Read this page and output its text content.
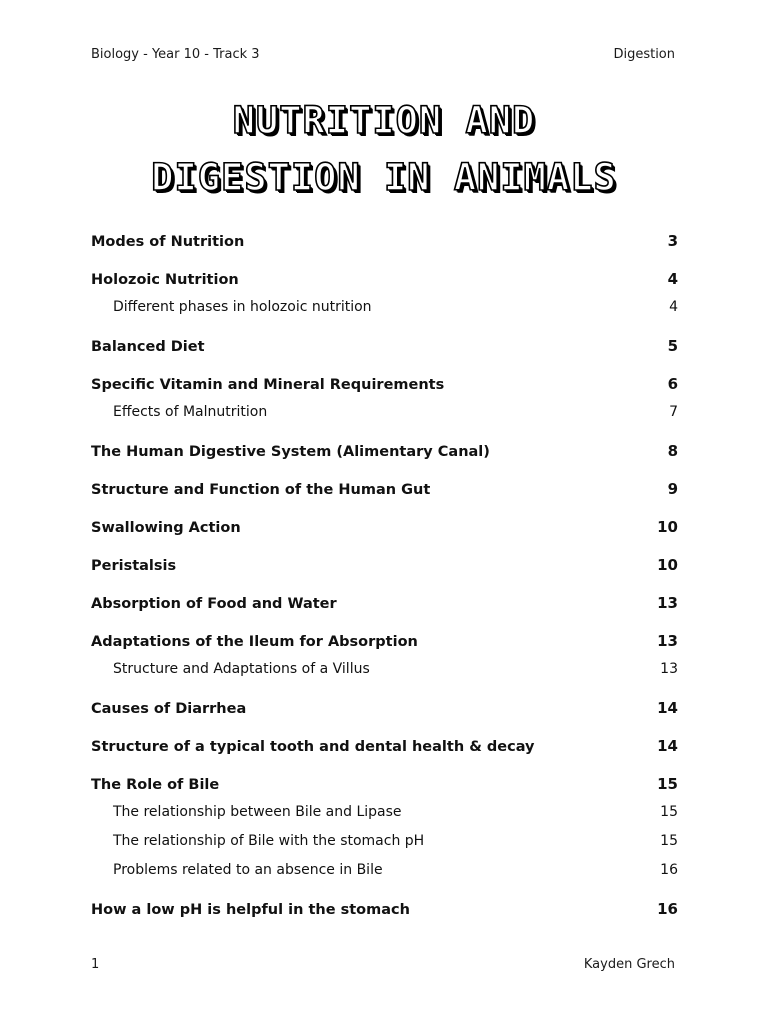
Biology - Year 10 - Track 3	Digestion
NUTRITION AND
DIGESTION IN ANIMALS
Modes of Nutrition	3
Holozoic Nutrition	4
Different phases in holozoic nutrition	4
Balanced Diet	5
Specific Vitamin and Mineral Requirements	6
Effects of Malnutrition	7
The Human Digestive System (Alimentary Canal)	8
Structure and Function of the Human Gut	9
Swallowing Action	10
Peristalsis	10
Absorption of Food and Water	13
Adaptations of the Ileum for Absorption	13
Structure and Adaptations of a Villus	13
Causes of Diarrhea	14
Structure of a typical tooth and dental health & decay	14
The Role of Bile	15
The relationship between Bile and Lipase	15
The relationship of Bile with the stomach pH	15
Problems related to an absence in Bile	16
How a low pH is helpful in the stomach	16
1	Kayden Grech
